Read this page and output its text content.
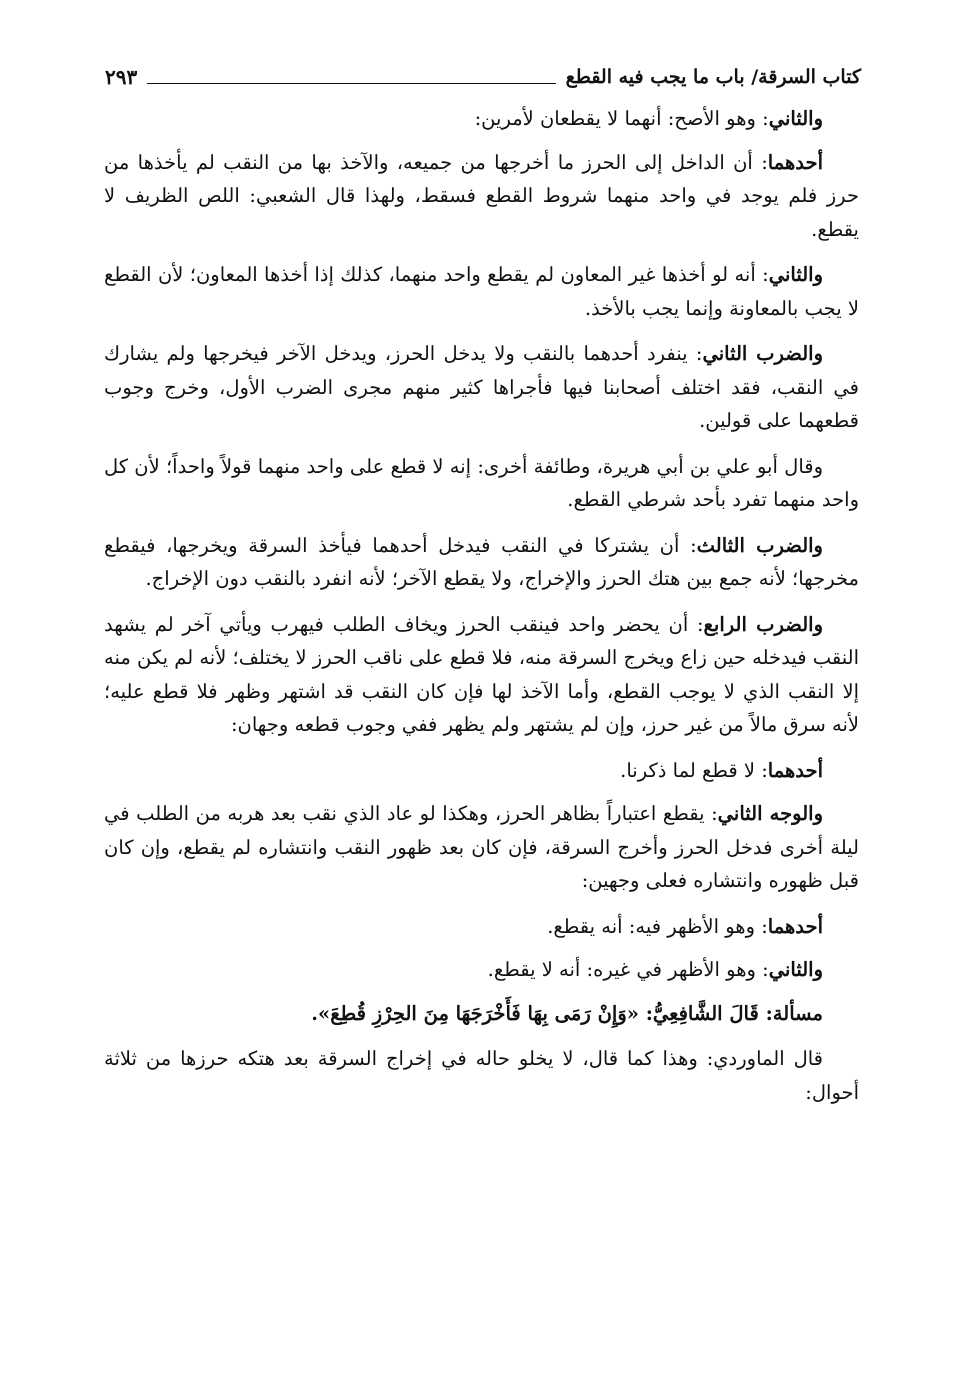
كتاب السرقة/ باب ما يجب فيه القطع
٢٩٣

والثاني: وهو الأصح: أنهما لا يقطعان لأمرين:

أحدهما: أن الداخل إلى الحرز ما أخرجها من جميعه، والآخذ بها من النقب لم يأخذها من حرز فلم يوجد في واحد منهما شروط القطع فسقط، ولهذا قال الشعبي: اللص الظريف لا يقطع.

والثاني: أنه لو أخذها غير المعاون لم يقطع واحد منهما، كذلك إذا أخذها المعاون؛ لأن القطع لا يجب بالمعاونة وإنما يجب بالأخذ.

والضرب الثاني: ينفرد أحدهما بالنقب ولا يدخل الحرز، ويدخل الآخر فيخرجها ولم يشارك في النقب، فقد اختلف أصحابنا فيها فأجراها كثير منهم مجرى الضرب الأول، وخرج وجوب قطعهما على قولين.

وقال أبو علي بن أبي هريرة، وطائفة أخرى: إنه لا قطع على واحد منهما قولاً واحداً؛ لأن كل واحد منهما تفرد بأحد شرطي القطع.

والضرب الثالث: أن يشتركا في النقب فيدخل أحدهما فيأخذ السرقة ويخرجها، فيقطع مخرجها؛ لأنه جمع بين هتك الحرز والإخراج، ولا يقطع الآخر؛ لأنه انفرد بالنقب دون الإخراج.

والضرب الرابع: أن يحضر واحد فينقب الحرز ويخاف الطلب فيهرب ويأتي آخر لم يشهد النقب فيدخله حين زاع ويخرج السرقة منه، فلا قطع على ناقب الحرز لا يختلف؛ لأنه لم يكن منه إلا النقب الذي لا يوجب القطع، وأما الآخذ لها فإن كان النقب قد اشتهر وظهر فلا قطع عليه؛ لأنه سرق مالاً من غير حرز، وإن لم يشتهر ولم يظهر ففي وجوب قطعه وجهان:

أحدهما: لا قطع لما ذكرنا.

والوجه الثاني: يقطع اعتباراً بظاهر الحرز، وهكذا لو عاد الذي نقب بعد هربه من الطلب في ليلة أخرى فدخل الحرز وأخرج السرقة، فإن كان بعد ظهور النقب وانتشاره لم يقطع، وإن كان قبل ظهوره وانتشاره فعلى وجهين:

أحدهما: وهو الأظهر فيه: أنه يقطع.

والثاني: وهو الأظهر في غيره: أنه لا يقطع.

مسألة: قَالَ الشَّافِعِيُّ: «وَإِنْ رَمَى بِهَا فَأَخْرَجَهَا مِنَ الحِرْزِ قُطِعَ».

قال الماوردي: وهذا كما قال، لا يخلو حاله في إخراج السرقة بعد هتكه حرزها من ثلاثة أحوال:
